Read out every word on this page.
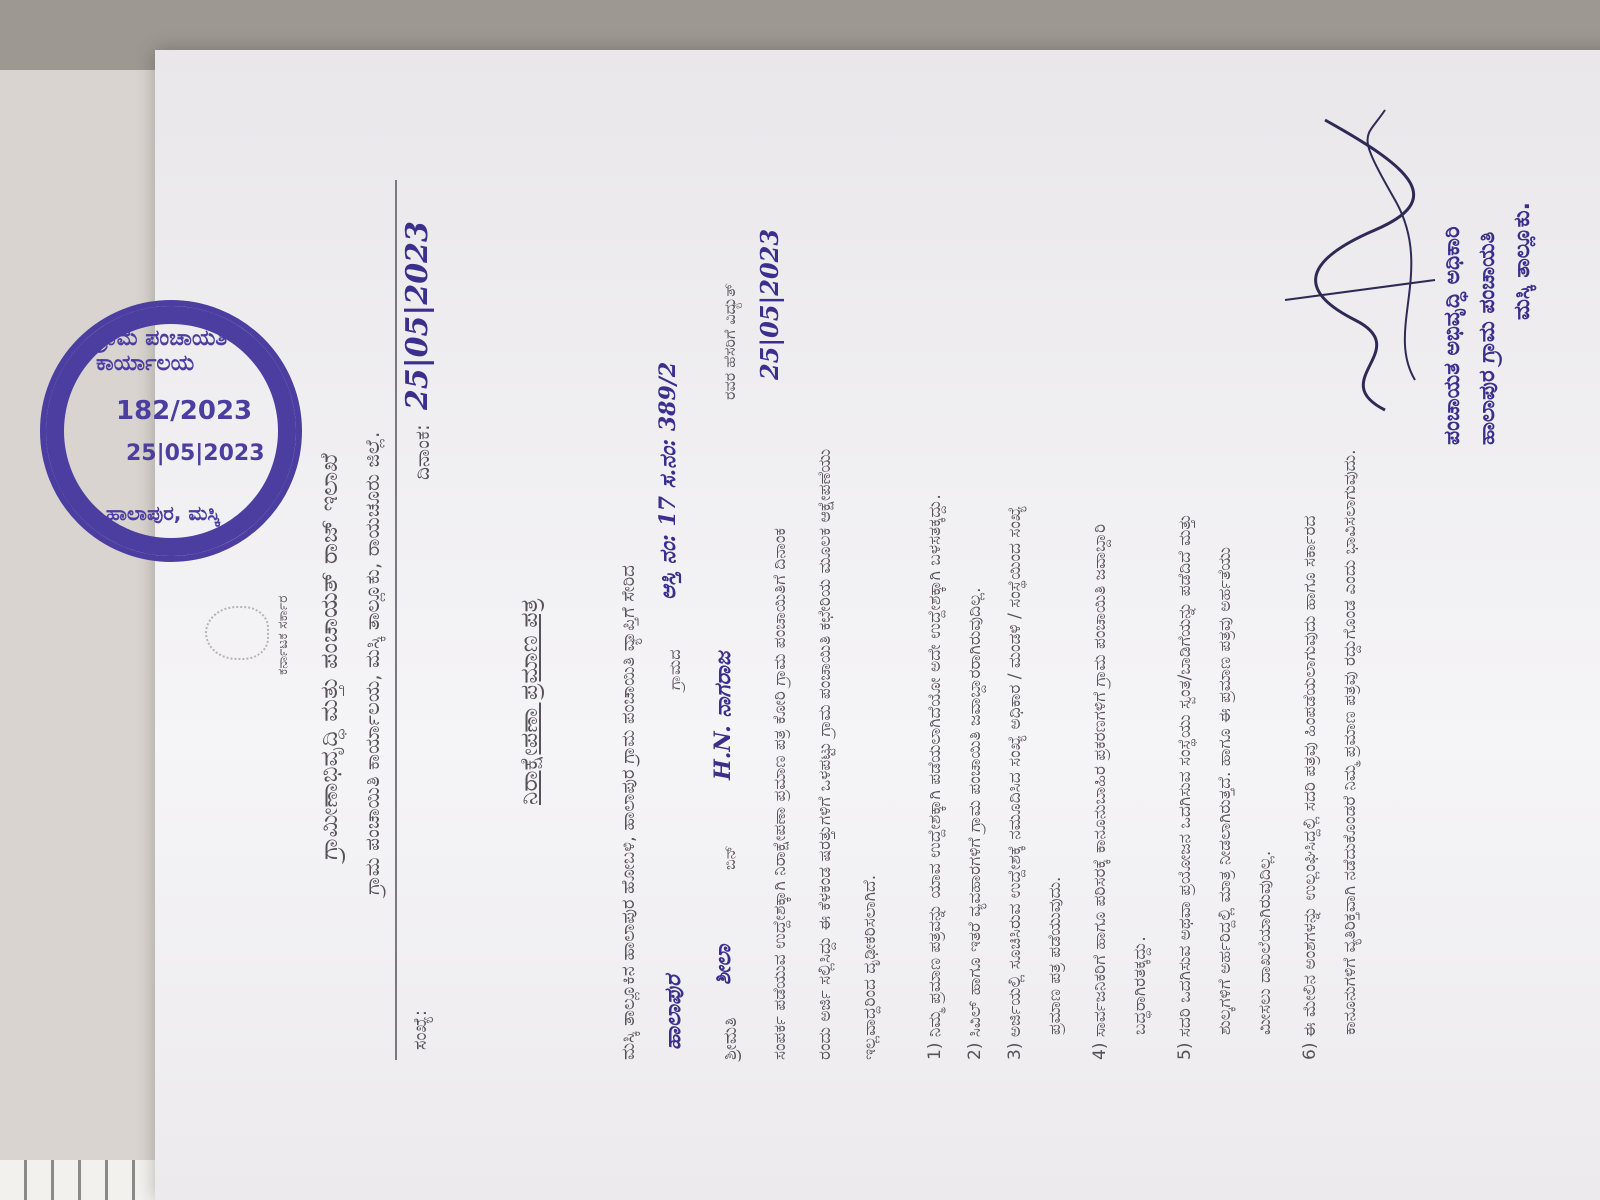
ಕರ್ನಾಟಕ ಸರ್ಕಾರ ಗ್ರಾಮೀಣಾಭಿವೃದ್ಧಿ ಮತ್ತು ಪಂಚಾಯತ್ ರಾಜ್ ಇಲಾಖೆ ಗ್ರಾಮ ಪಂಚಾಯಿತಿ ಕಾರ್ಯಾಲಯ, ಮಸ್ಕಿ ತಾಲ್ಲೂಕು, ರಾಯಚೂರು ಜಿಲ್ಲೆ.
ಸಂಖ್ಯೆ:
ದಿನಾಂಕ:
25|05|2023
ನಿರಾಕ್ಷೇಪಣಾ ಪ್ರಮಾಣ ಪತ್ರ	ಮಸ್ಕಿ ತಾಲ್ಲೂಕಿನ ಹಾಲಾಪುರ ಹೋಬಳಿ, ಹಾಲಾಪುರ ಗ್ರಾಮ ಪಂಚಾಯಿತಿ ವ್ಯಾಪ್ತಿಗೆ ಸೇರಿದ ಹಾಲಾಪುರ
ಗ್ರಾಮದ
ಆಸ್ತಿ ನಂ: 17 ಸ.ನಂ: 389/2
ಶ್ರೀಮತಿ
ಶೀಲಾ
ಬಿನ್
H.N. ನಾಗರಾಜ
ರವರ ಹೆಸರಿಗೆ ವಿದ್ಯುತ್
ಸಂಪರ್ಕ ಪಡೆಯುವ ಉದ್ದೇಶಕ್ಕಾಗಿ ನಿರಾಕ್ಷೇಪಣಾ ಪ್ರಮಾಣ ಪತ್ರ ಕೋರಿ ಗ್ರಾಮ ಪಂಚಾಯಿತಿಗೆ ದಿನಾಂಕ
25|05|2023
ರಂದು ಅರ್ಜಿ ಸಲ್ಲಿಸಿದ್ದು ಈ ಕೆಳಕಂಡ ಷರತ್ತುಗಳಿಗೆ ಒಳಪಟ್ಟು ಗ್ರಾಮ ಪಂಚಾಯಿತಿ ಕಛೇರಿಯ ಮೂಲಕ ಆಕ್ಷೇಪಣೆಯು ಇಲ್ಲವಾದ್ದರಿಂದ ದೃಢೀಕರಿಸಲಾಗಿದೆ.	1) ನಿಮ್ಮ ಪ್ರಮಾಣ ಪತ್ರವನ್ನು ಯಾವ ಉದ್ದೇಶಕ್ಕಾಗಿ ಪಡೆಯಲಾಗಿದೆಯೋ ಅದೇ ಉದ್ದೇಶಕ್ಕಾಗಿ ಬಳಸತಕ್ಕದ್ದು. 2) ಸಿವಿಲ್ ಹಾಗೂ ಇತರೆ ವ್ಯವಹಾರಗಳಿಗೆ ಗ್ರಾಮ ಪಂಚಾಯಿತಿ ಜವಾಬ್ದಾರರಾಗಿರುವುದಿಲ್ಲ. 3) ಅರ್ಜಿಯಲ್ಲಿ ಸೂಚಿಸಿರುವ ಉದ್ದೇಶಕ್ಕೆ ನಮೂದಿಸಿದ ಸಂಖ್ಯೆ ಅಧಿಕಾರ / ಮಂಡಳಿ / ಸಂಸ್ಥೆಯಿಂದ ಸಂಖ್ಯೆ ಪ್ರಮಾಣ ಪತ್ರ ಪಡೆಯುವುದು. 4) ಸಾರ್ವಜನಿಕರಿಗೆ ಹಾಗೂ ಪರಿಸರಕ್ಕೆ ಕಾನೂನುಬಾಹಿರ ಪ್ರಕರಣಗಳಿಗೆ ಗ್ರಾಮ ಪಂಚಾಯಿತಿ ಜವಾಬ್ದಾರಿ ಬದ್ಧರಾಗಿರತಕ್ಕದ್ದು. 5) ಸದರಿ ಒದಗಿಸುವ ಅಥವಾ ಪ್ರಯೋಜನ ಒದಗಿಸುವ ಸಂಸ್ಥೆಯು ಸ್ವಂತ/ಬಾಡಿಗೆಯನ್ನು ಪಡೆದಿದೆ ಮತ್ತು ಶುಲ್ಕಗಳಿಗೆ ಅರ್ಹರಿದ್ದಲ್ಲಿ ಮಾತ್ರ ನೀಡಲಾಗಿರುತ್ತದೆ. ಹಾಗೂ ಈ ಪ್ರಮಾಣ ಪತ್ರವು ಅರ್ಹತೆಯು ಮೀಸಲು ದಾಖಲೆಯಾಗಿರುವುದಿಲ್ಲ. 6) ಈ ಮೇಲಿನ ಅಂಶಗಳನ್ನು ಉಲ್ಲಂಘಿಸಿದ್ದಲ್ಲಿ ಸದರಿ ಪತ್ರವು ಹಿಂಪಡೆಯಲಾಗುವುದು ಹಾಗೂ ಸರ್ಕಾರದ ಕಾನೂನುಗಳಿಗೆ ವ್ಯತಿರಿಕ್ತವಾಗಿ ನಡೆದುಕೊಂಡರೆ ನಿಮ್ಮ ಪ್ರಮಾಣ ಪತ್ರವು ರದ್ದುಗೊಂಡ ಎಂದು ಭಾವಿಸಲಾಗುವುದು.
ಪಂಚಾಯತ ಅಭಿವೃದ್ಧಿ ಅಧಿಕಾರಿ ಹಾಲಾಪುರ ಗ್ರಾಮ ಪಂಚಾಯತಿ ಮಸ್ಕಿ ತಾಲ್ಲೂಕು.
ಗ್ರಾಮ ಪಂಚಾಯತಿ ಕಾರ್ಯಾಲಯ
182/2023
25|05|2023
ಹಾಲಾಪುರ, ಮಸ್ಕಿ
